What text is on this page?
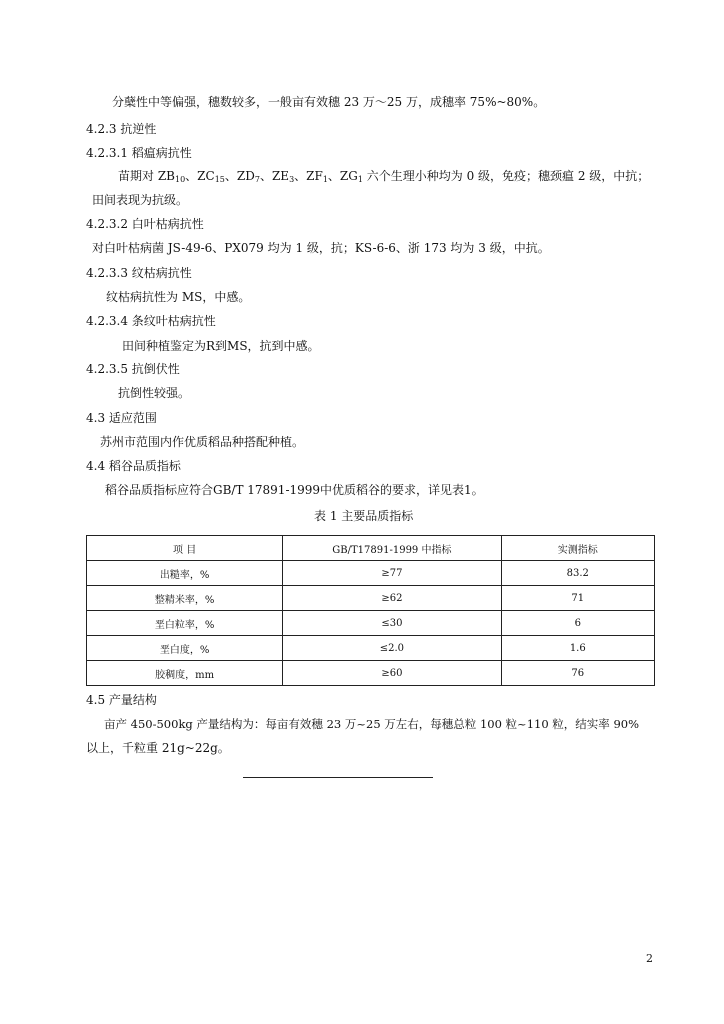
分蘖性中等偏强，穗数较多，一般亩有效穗 23 万～25 万，成穗率 75%~80%。
4.2.3 抗逆性
4.2.3.1 稻瘟病抗性
苗期对 $ZB_{10}$、$ZC_{15}$、$ZD_7$、$ZE_3$、$ZF_1$、$ZG_1$ 六个生理小种均为 0 级，免疫；穗颈瘟 2 级，中抗；
田间表现为抗级。
4.2.3.2 白叶枯病抗性
对白叶枯病菌 JS-49-6、PX079 均为 1 级，抗；KS-6-6、浙 173 均为 3 级，中抗。
4.2.3.3 纹枯病抗性
纹枯病抗性为 MS，中感。
4.2.3.4 条纹叶枯病抗性
田间种植鉴定为R到MS，抗到中感。
4.2.3.5 抗倒伏性
抗倒性较强。
4.3 适应范围
苏州市范围内作优质稻品种搭配种植。
4.4 稻谷品质指标
稻谷品质指标应符合GB/T 17891-1999中优质稻谷的要求，详见表1。
表 1 主要品质指标
项 目	GB/T17891-1999 中指标	实测指标
出糙率，%	≥77	83.2
整精米率，%	≥62	71
垩白粒率，%	≤30	6
垩白度，%	≤2.0	1.6
胶稠度，mm	≥60	76
4.5 产量结构
亩产 450-500kg 产量结构为：每亩有效穗 23 万~25 万左右，每穗总粒 100 粒~110 粒，结实率 90%
以上，千粒重 21g~22g。
2
